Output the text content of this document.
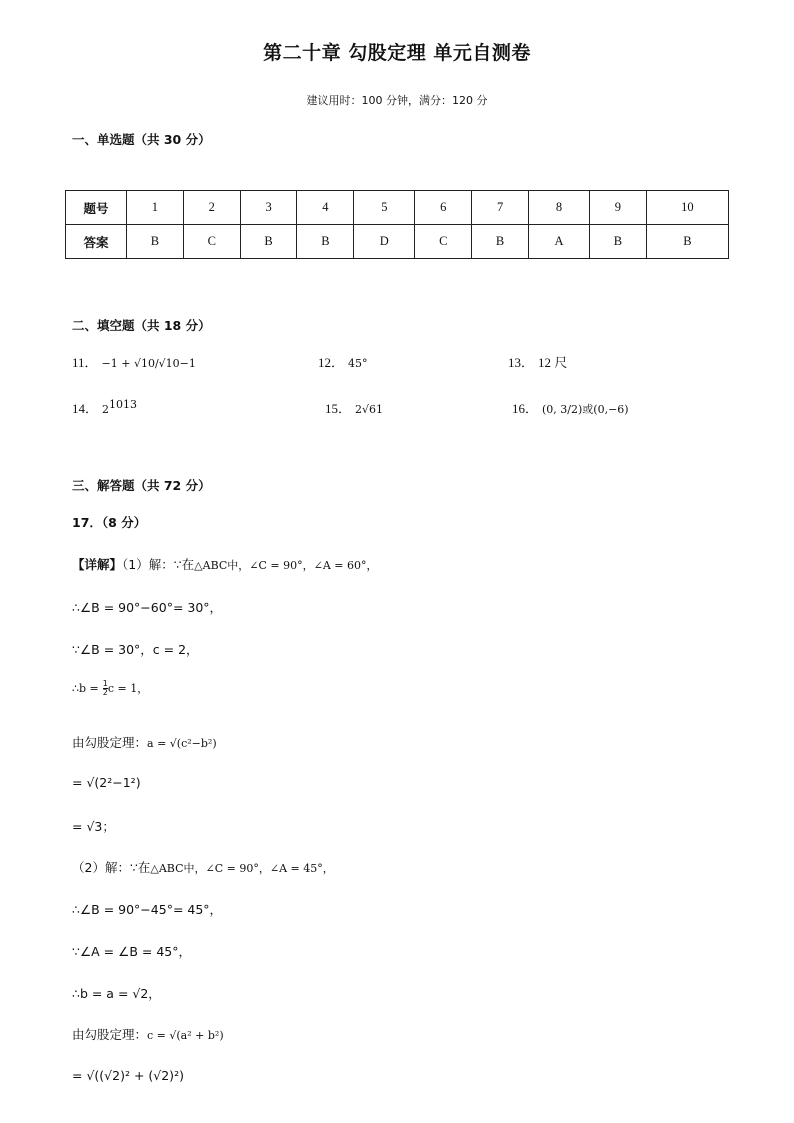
第二十章 勾股定理 单元自测卷
建议用时：100 分钟，满分：120 分
一、单选题（共 30 分）
题号	1	2	3	4	5	6	7	8	9	10
答案	B	C	B	B	D	C	B	A	B	B
二、填空题（共 18 分）
11． −1 + √10/√10−1	12． 45°	13． 12 尺
14． $2^{1013}$	15． 2√61	16． (0, 3/2)或(0,−6)
三、解答题（共 72 分）
17．（8 分）
【详解】（1）解：∵在△ABC中，∠C = 90°，∠A = 60°，
∴∠B = 90°−60°= 30°，
∵∠B = 30°，c = 2，
∴b = $\frac{1}{2}$ c = 1，
由勾股定理：a = √(c²−b²)
= √(2²−1²)
= √3；
（2）解：∵在△ABC中，∠C = 90°，∠A = 45°，
∴∠B = 90°−45°= 45°，
∵∠A = ∠B = 45°，
∴b = a = √2，
由勾股定理：c = √(a² + b²)
= √((√2)² + (√2)²)
